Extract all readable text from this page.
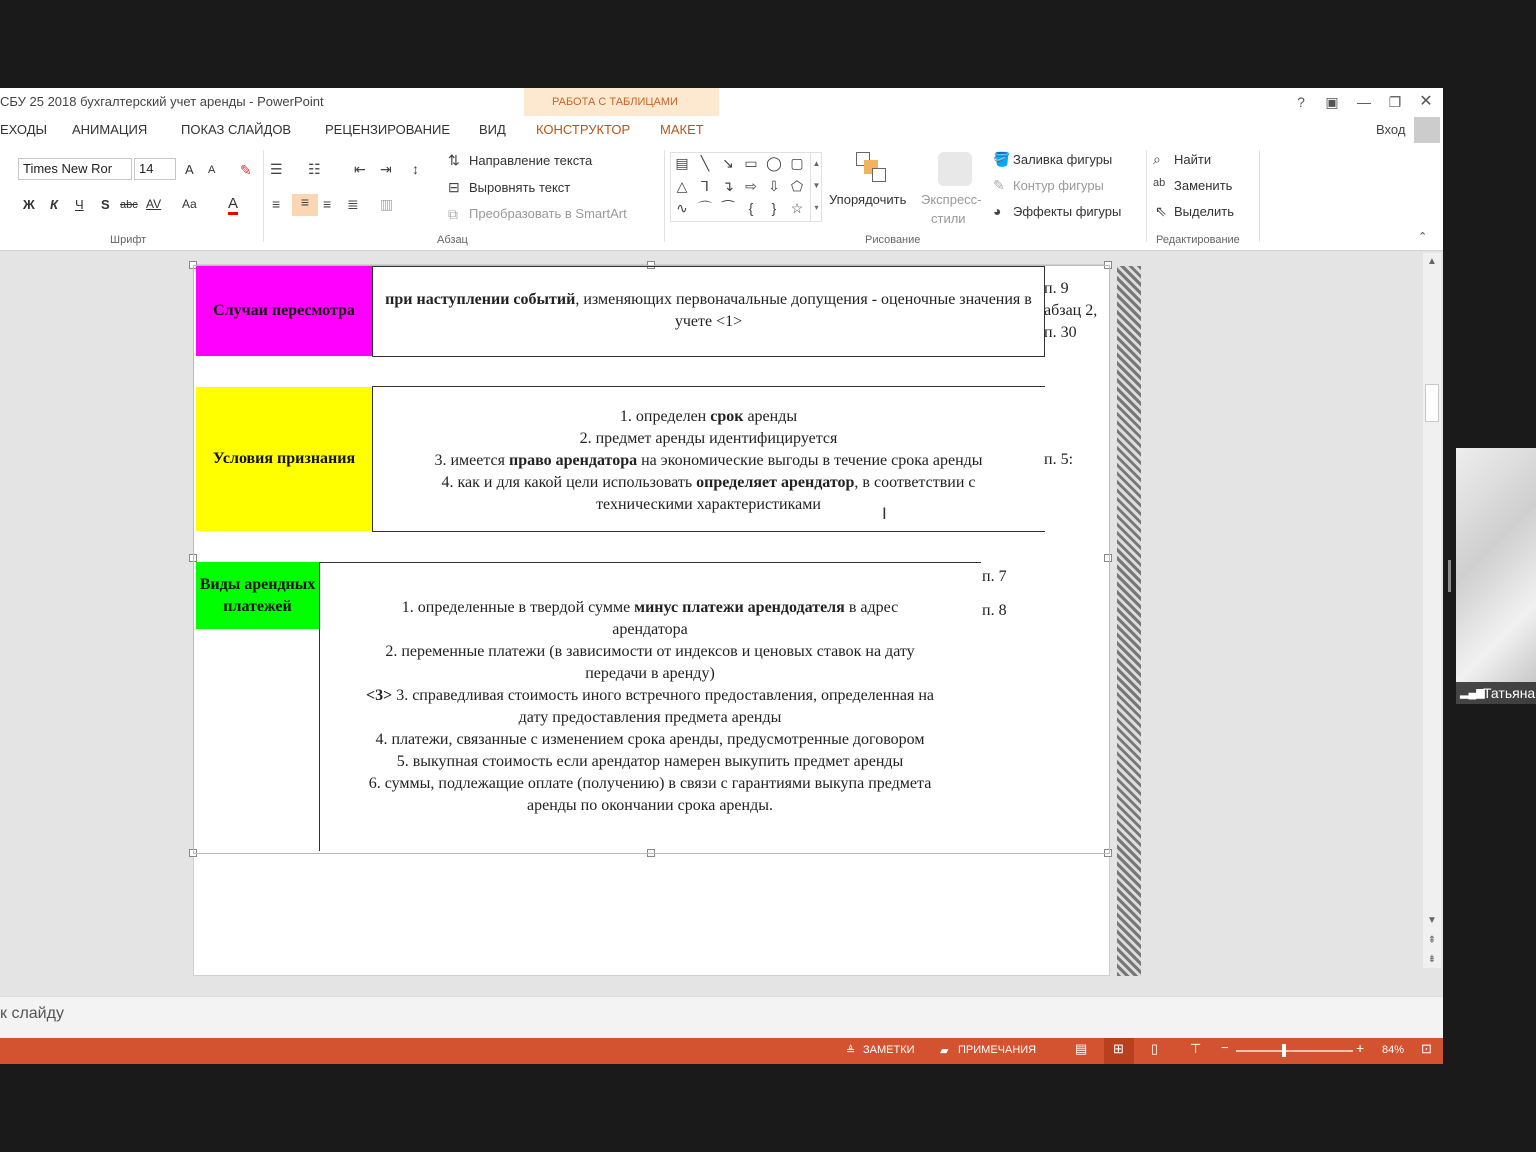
СБУ 25 2018 бухгалтерский учет аренды - PowerPoint	РАБОТА С ТАБЛИЦАМИ	?	▣	—	❐	✕
ЕХОДЫ АНИМАЦИЯ	ПОКАЗ СЛАЙДОВ	РЕЦЕНЗИРОВАНИЕ ВИД КОНСТРУКТОР МАКЕТ	Вход
Times New Ror	14	A A ✎
Ж К Ч S abc AV Aa A
Шрифт
☰ ☷ ⇤ ⇥ ↕
≡	≡ ≡ ≣ ▥
⇅ Направление текста
⊟ Выровнять текст
⧉ Преобразовать в SmartArt
Абзац
▤ ╲ ↘ ▭ ◯ ▢
△ ⅂ ↴ ⇨ ⇩ ⬠
∿ ⌒ ⁀	{	}	☆
▲
▼
▾
Упорядочить Экспресс-
стили
🪣 Заливка фигуры
✎ Контур фигуры
◕ Эффекты фигуры
Рисование
⌕ Найти
ab Заменить
⇖ Выделить
Редактирование	⌃
Случаи пересмотра
при наступлении событий, изменяющих первоначальные допущения - оценочные значения в учете <1>
п. 9
абзац 2,
п. 30
Условия признания
1. определен срок аренды
2. предмет аренды идентифицируется
3. имеется право арендатора на экономические выгоды в течение срока аренды
4. как и для какой цели использовать определяет арендатор, в соответствии с
техническими характеристиками
п. 5:
I
Виды арендных платежей	1. определенные в твердой сумме минус платежи арендодателя в адрес
арендатора
2. переменные платежи (в зависимости от индексов и ценовых ставок на дату
передачи в аренду)
<3> 3. справедливая стоимость иного встречного предоставления, определенная на
дату предоставления предмета аренды
4. платежи, связанные с изменением срока аренды, предусмотренные договором
5. выкупная стоимость если арендатор намерен выкупить предмет аренды
6. суммы, подлежащие оплате (получению) в связи с гарантиями выкупа предмета
аренды по окончании срока аренды.
п. 7
п. 8
▲
▼
⇞
⇟
к слайду
≜ ЗАМЕТКИ ▰ ПРИМЕЧАНИЯ	▤ ⊞ ▯ ⊤ −	+ 84% ⊡
▂▄▆
Татьяна
